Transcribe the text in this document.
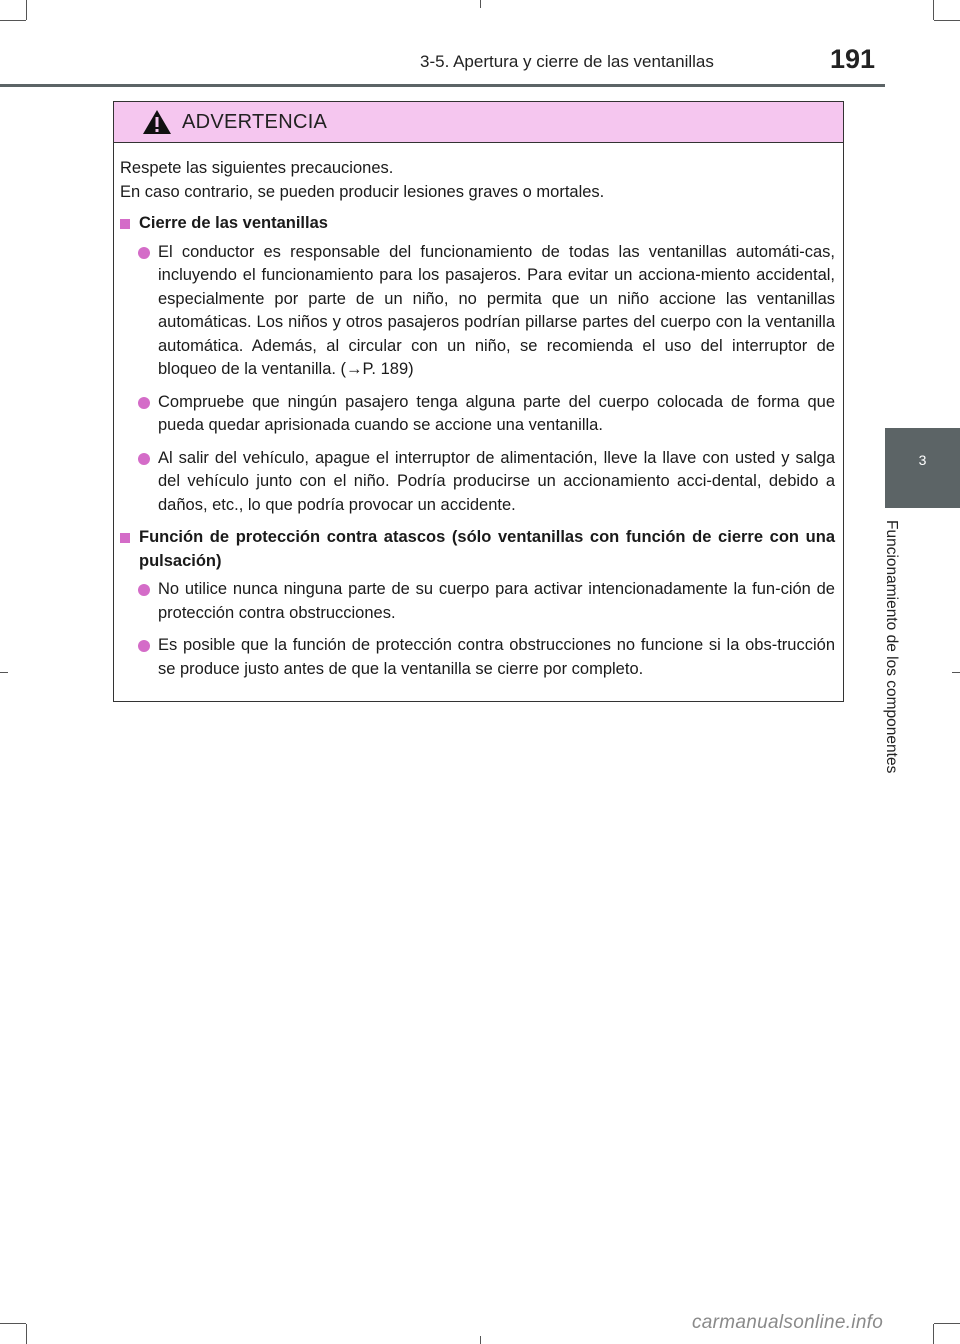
3-5. Apertura y cierre de las ventanillas	191
3
Funcionamiento de los componentes
ADVERTENCIA
Respete las siguientes precauciones.
En caso contrario, se pueden producir lesiones graves o mortales.
Cierre de las ventanillas
El conductor es responsable del funcionamiento de todas las ventanillas automáti-cas, incluyendo el funcionamiento para los pasajeros. Para evitar un acciona-miento accidental, especialmente por parte de un niño, no permita que un niño accione las ventanillas automáticas. Los niños y otros pasajeros podrían pillarse partes del cuerpo con la ventanilla automática. Además, al circular con un niño, se recomienda el uso del interruptor de bloqueo de la ventanilla. (→P. 189)
Compruebe que ningún pasajero tenga alguna parte del cuerpo colocada de forma que pueda quedar aprisionada cuando se accione una ventanilla.
Al salir del vehículo, apague el interruptor de alimentación, lleve la llave con usted y salga del vehículo junto con el niño. Podría producirse un accionamiento acci-dental, debido a daños, etc., lo que podría provocar un accidente.
Función de protección contra atascos (sólo ventanillas con función de cierre con una pulsación)
No utilice nunca ninguna parte de su cuerpo para activar intencionadamente la fun-ción de protección contra obstrucciones.
Es posible que la función de protección contra obstrucciones no funcione si la obs-trucción se produce justo antes de que la ventanilla se cierre por completo.
carmanualsonline.info
